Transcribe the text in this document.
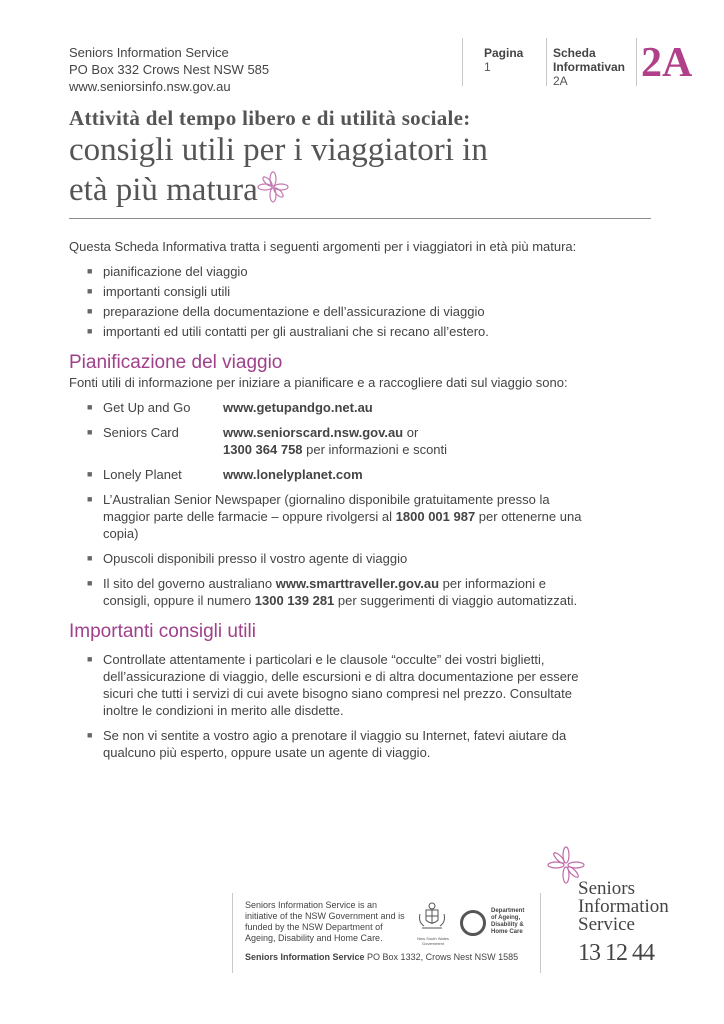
Seniors Information Service
PO Box 332 Crows Nest NSW 585
www.seniorsinfo.nsw.gov.au
Pagina
1
Scheda
Informativan
2A	2A
Attività del tempo libero e di utilità sociale:
consigli utili per i viaggiatori in
età più matura

Questa Scheda Informativa tratta i seguenti argomenti per i viaggiatori in età più matura:

■ pianificazione del viaggio
■ importanti consigli utili
■ preparazione della documentazione e dell’assicurazione di viaggio
■ importanti ed utili contatti per gli australiani che si recano all’estero.
Pianificazione del viaggio

Fonti utili di informazione per iniziare a pianificare e a raccogliere dati sul viaggio sono:

■ Get Up and Go	www.getupandgo.net.au
■ Seniors Card	www.seniorscard.nsw.gov.au or
1300 364 758 per informazioni e sconti
■ Lonely Planet	www.lonelyplanet.com
■ L’Australian Senior Newspaper (giornalino disponibile gratuitamente presso la maggior parte delle farmacie – oppure rivolgersi al 1800 001 987 per ottenerne una copia)
■ Opuscoli disponibili presso il vostro agente di viaggio
■ Il sito del governo australiano www.smarttraveller.gov.au per informazioni e consigli, oppure il numero 1300 139 281 per suggerimenti di viaggio automatizzati.
Importanti consigli utili
■ Controllate attentamente i particolari e le clausole “occulte” dei vostri biglietti, dell’assicurazione di viaggio, delle escursioni e di altra documentazione per essere sicuri che tutti i servizi di cui avete bisogno siano compresi nel prezzo. Consultate inoltre le condizioni in merito alle disdette.
■ Se non vi sentite a vostro agio a prenotare il viaggio su Internet, fatevi aiutare da qualcuno più esperto, oppure usate un agente di viaggio.
Seniors Information Service is an initiative of the NSW Government and is funded by the NSW Department of Ageing, Disability and Home Care.
Seniors Information Service PO Box 1332, Crows Nest NSW 1585
New South Wales Government
Department of Ageing, Disability & Home Care
Seniors
Information
Service
13 12 44
